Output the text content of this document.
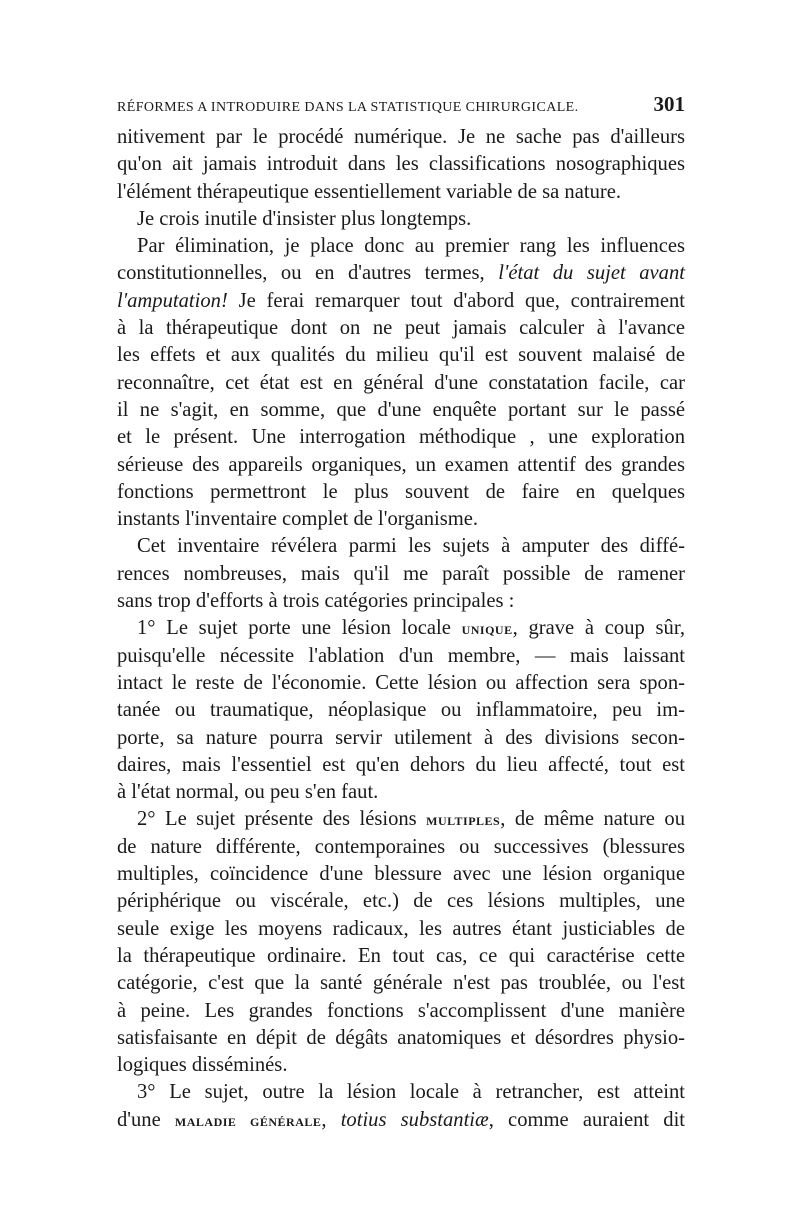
RÉFORMES A INTRODUIRE DANS LA STATISTIQUE CHIRURGICALE.	301
nitivement par le procédé numérique. Je ne sache pas d'ailleurs
qu'on ait jamais introduit dans les classifications nosographiques
l'élément thérapeutique essentiellement variable de sa nature.
Je crois inutile d'insister plus longtemps.
Par élimination, je place donc au premier rang les influences
constitutionnelles, ou en d'autres termes, l'état du sujet avant
l'amputation! Je ferai remarquer tout d'abord que, contrairement
à la thérapeutique dont on ne peut jamais calculer à l'avance
les effets et aux qualités du milieu qu'il est souvent malaisé de
reconnaître, cet état est en général d'une constatation facile, car
il ne s'agit, en somme, que d'une enquête portant sur le passé
et le présent. Une interrogation méthodique , une exploration
sérieuse des appareils organiques, un examen attentif des grandes
fonctions permettront le plus souvent de faire en quelques
instants l'inventaire complet de l'organisme.
Cet inventaire révélera parmi les sujets à amputer des diffé-
rences nombreuses, mais qu'il me paraît possible de ramener
sans trop d'efforts à trois catégories principales :
1° Le sujet porte une lésion locale unique, grave à coup sûr,
puisqu'elle nécessite l'ablation d'un membre, — mais laissant
intact le reste de l'économie. Cette lésion ou affection sera spon-
tanée ou traumatique, néoplasique ou inflammatoire, peu im-
porte, sa nature pourra servir utilement à des divisions secon-
daires, mais l'essentiel est qu'en dehors du lieu affecté, tout est
à l'état normal, ou peu s'en faut.
2° Le sujet présente des lésions multiples, de même nature ou
de nature différente, contemporaines ou successives (blessures
multiples, coïncidence d'une blessure avec une lésion organique
périphérique ou viscérale, etc.) de ces lésions multiples, une
seule exige les moyens radicaux, les autres étant justiciables de
la thérapeutique ordinaire. En tout cas, ce qui caractérise cette
catégorie, c'est que la santé générale n'est pas troublée, ou l'est
à peine. Les grandes fonctions s'accomplissent d'une manière
satisfaisante en dépit de dégâts anatomiques et désordres physio-
logiques disséminés.
3° Le sujet, outre la lésion locale à retrancher, est atteint
d'une maladie générale, totius substantiæ, comme auraient dit
